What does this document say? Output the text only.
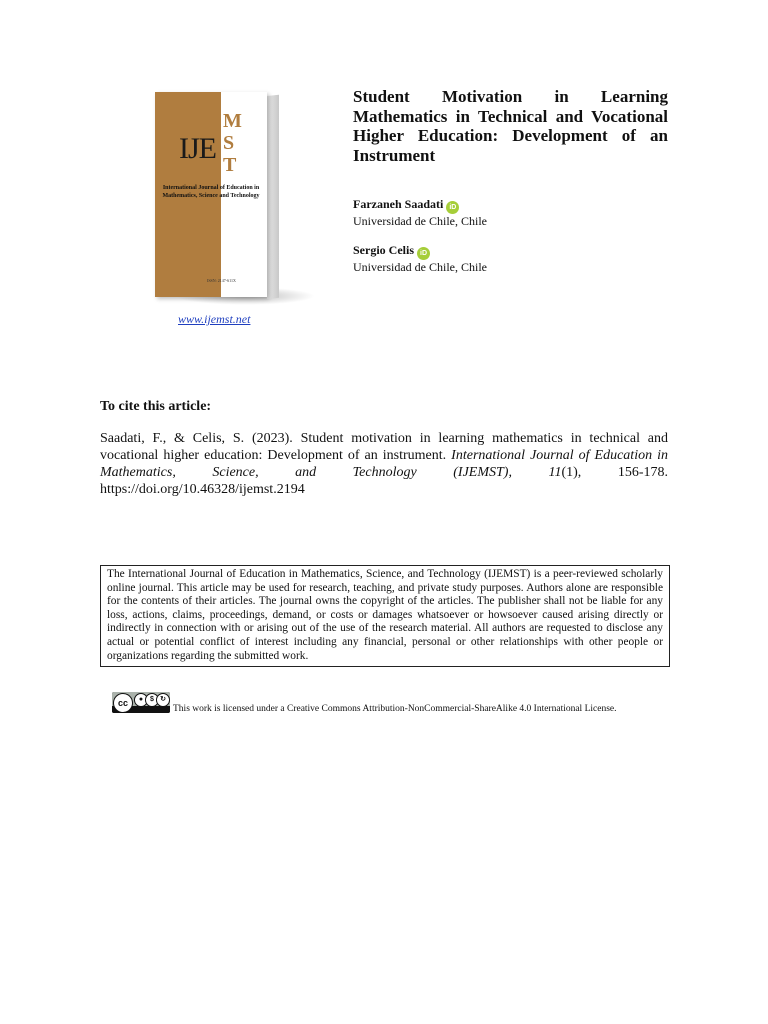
IJE
M
S
T
International Journal of Education in Mathematics, Science and Technology
ISSN: 2147-611X
www.ijemst.net
Student Motivation in Learning Mathematics in Technical and Vocational Higher Education: Development of an Instrument
Farzaneh Saadati iD
Universidad de Chile, Chile
Sergio Celis iD
Universidad de Chile, Chile
To cite this article:
Saadati, F., & Celis, S. (2023). Student motivation in learning mathematics in technical and vocational higher education: Development of an instrument. International Journal of Education in Mathematics, Science, and Technology (IJEMST), 11(1), 156-178. https://doi.org/10.46328/ijemst.2194
The International Journal of Education in Mathematics, Science, and Technology (IJEMST) is a peer-reviewed scholarly online journal. This article may be used for research, teaching, and private study purposes. Authors alone are responsible for the contents of their articles. The journal owns the copyright of the articles. The publisher shall not be liable for any loss, actions, claims, proceedings, demand, or costs or damages whatsoever or howsoever caused arising directly or indirectly in connection with or arising out of the use of the research material. All authors are requested to disclose any actual or potential conflict of interest including any financial, personal or other relationships with other people or organizations regarding the submitted work.
cc	● $ ↻
This work is licensed under a Creative Commons Attribution-NonCommercial-ShareAlike 4.0 International License.
